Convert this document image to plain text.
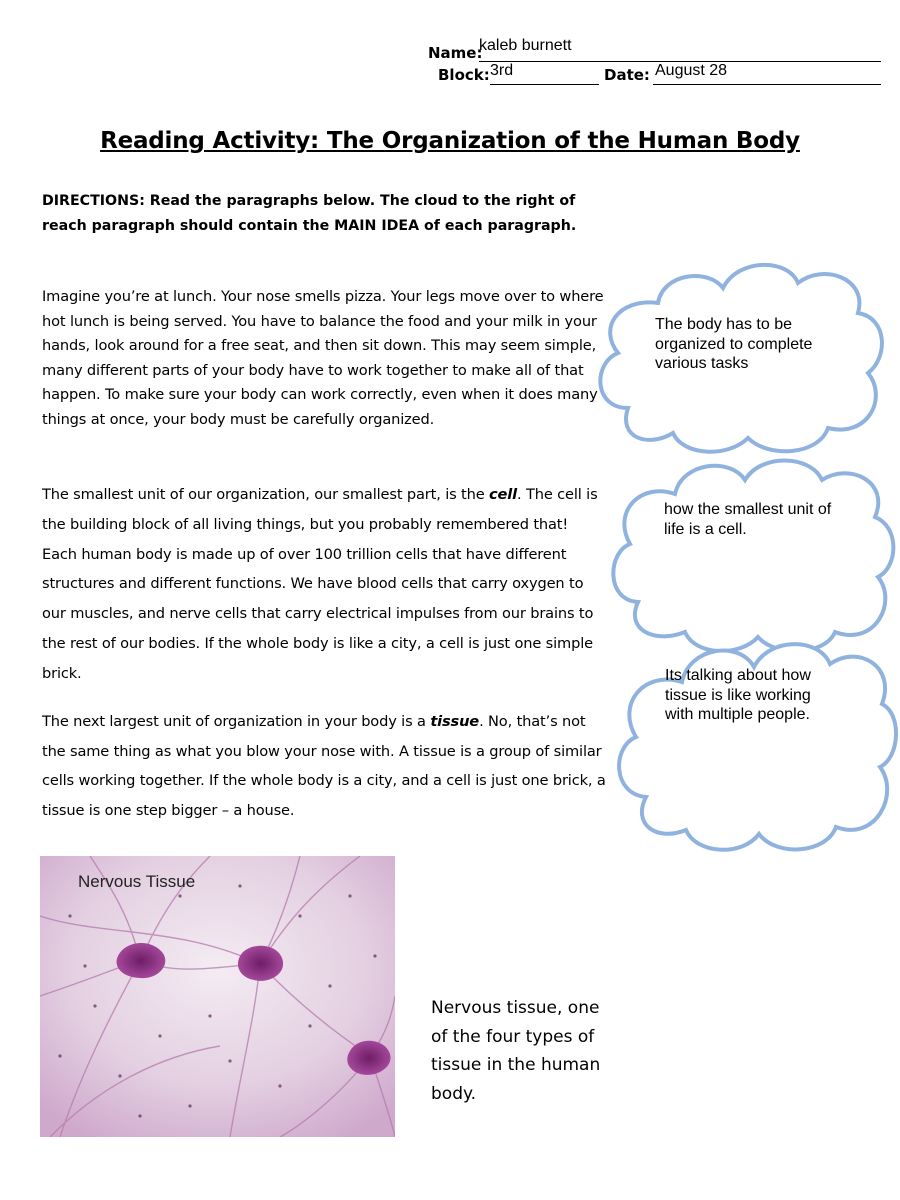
Name:
kaleb burnett
Block: 3rd	Date: August 28
Reading Activity: The Organization of the Human Body
DIRECTIONS: Read the paragraphs below. The cloud to the right of reach paragraph should contain the MAIN IDEA of each paragraph.
Imagine you’re at lunch. Your nose smells pizza. Your legs move over to where hot lunch is being served. You have to balance the food and your milk in your hands, look around for a free seat, and then sit down. This may seem simple, many different parts of your body have to work together to make all of that happen. To make sure your body can work correctly, even when it does many things at once, your body must be carefully organized.
The smallest unit of our organization, our smallest part, is the cell. The cell is the building block of all living things, but you probably remembered that! Each human body is made up of over 100 trillion cells that have different structures and different functions. We have blood cells that carry oxygen to our muscles, and nerve cells that carry electrical impulses from our brains to the rest of our bodies. If the whole body is like a city, a cell is just one simple brick.
The next largest unit of organization in your body is a tissue. No, that’s not the same thing as what you blow your nose with. A tissue is a group of similar cells working together. If the whole body is a city, and a cell is just one brick, a tissue is one step bigger – a house.
The body has to be organized to complete various tasks
how the smallest unit of life is a cell.
Its talking about how tissue is like working with multiple people.
Nervous Tissue
Nervous tissue, one of the four types of tissue in the human body.
